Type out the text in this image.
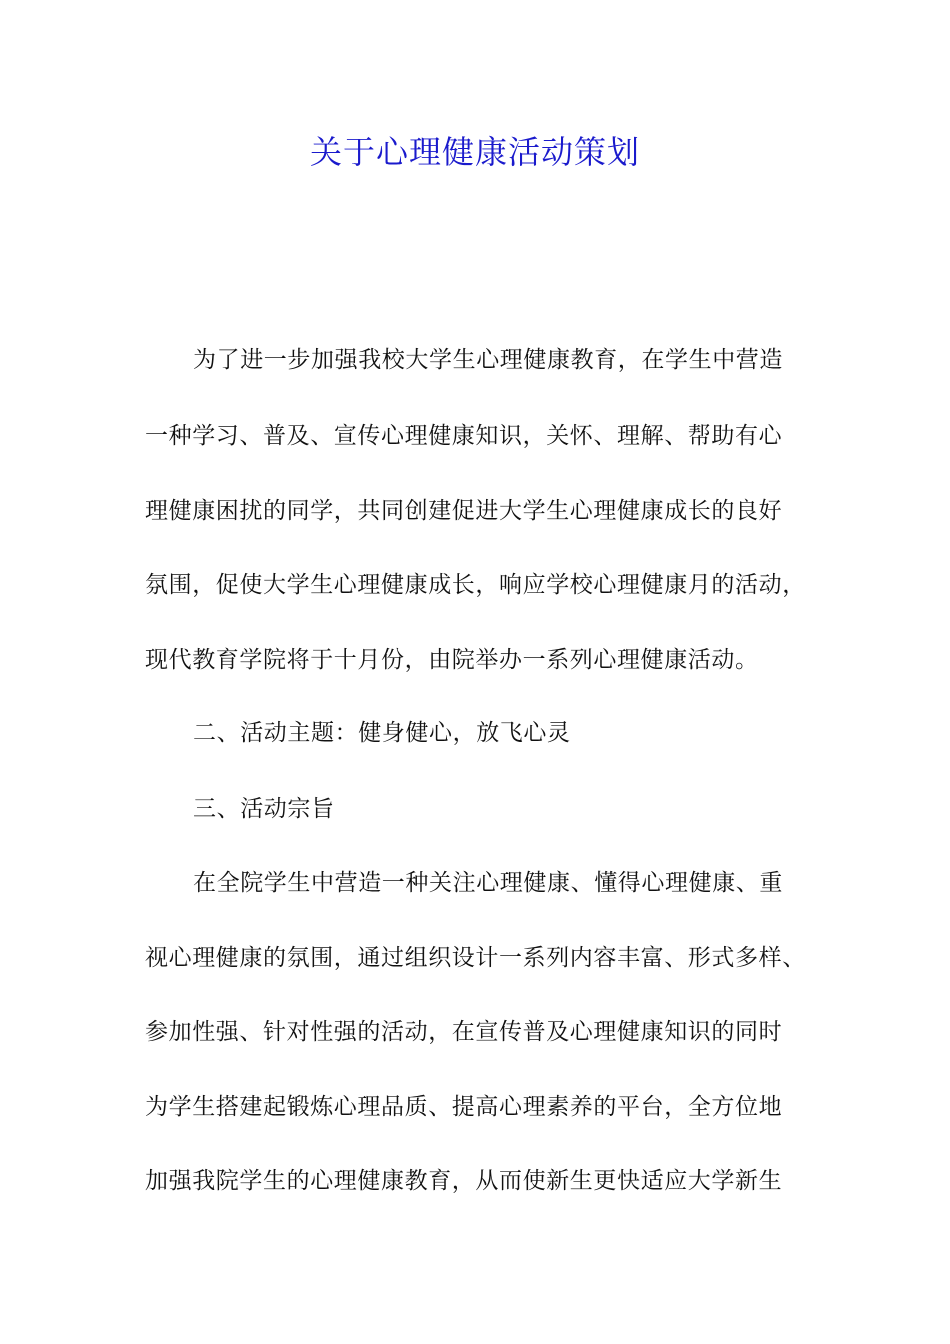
关于心理健康活动策划
为了进一步加强我校大学生心理健康教育，在学生中营造
一种学习、普及、宣传心理健康知识，关怀、理解、帮助有心
理健康困扰的同学，共同创建促进大学生心理健康成长的良好
氛围，促使大学生心理健康成长，响应学校心理健康月的活动，
现代教育学院将于十月份，由院举办一系列心理健康活动。
二、活动主题：健身健心，放飞心灵
三、活动宗旨
在全院学生中营造一种关注心理健康、懂得心理健康、重
视心理健康的氛围，通过组织设计一系列内容丰富、形式多样、
参加性强、针对性强的活动，在宣传普及心理健康知识的同时
为学生搭建起锻炼心理品质、提高心理素养的平台，全方位地
加强我院学生的心理健康教育，从而使新生更快适应大学新生
